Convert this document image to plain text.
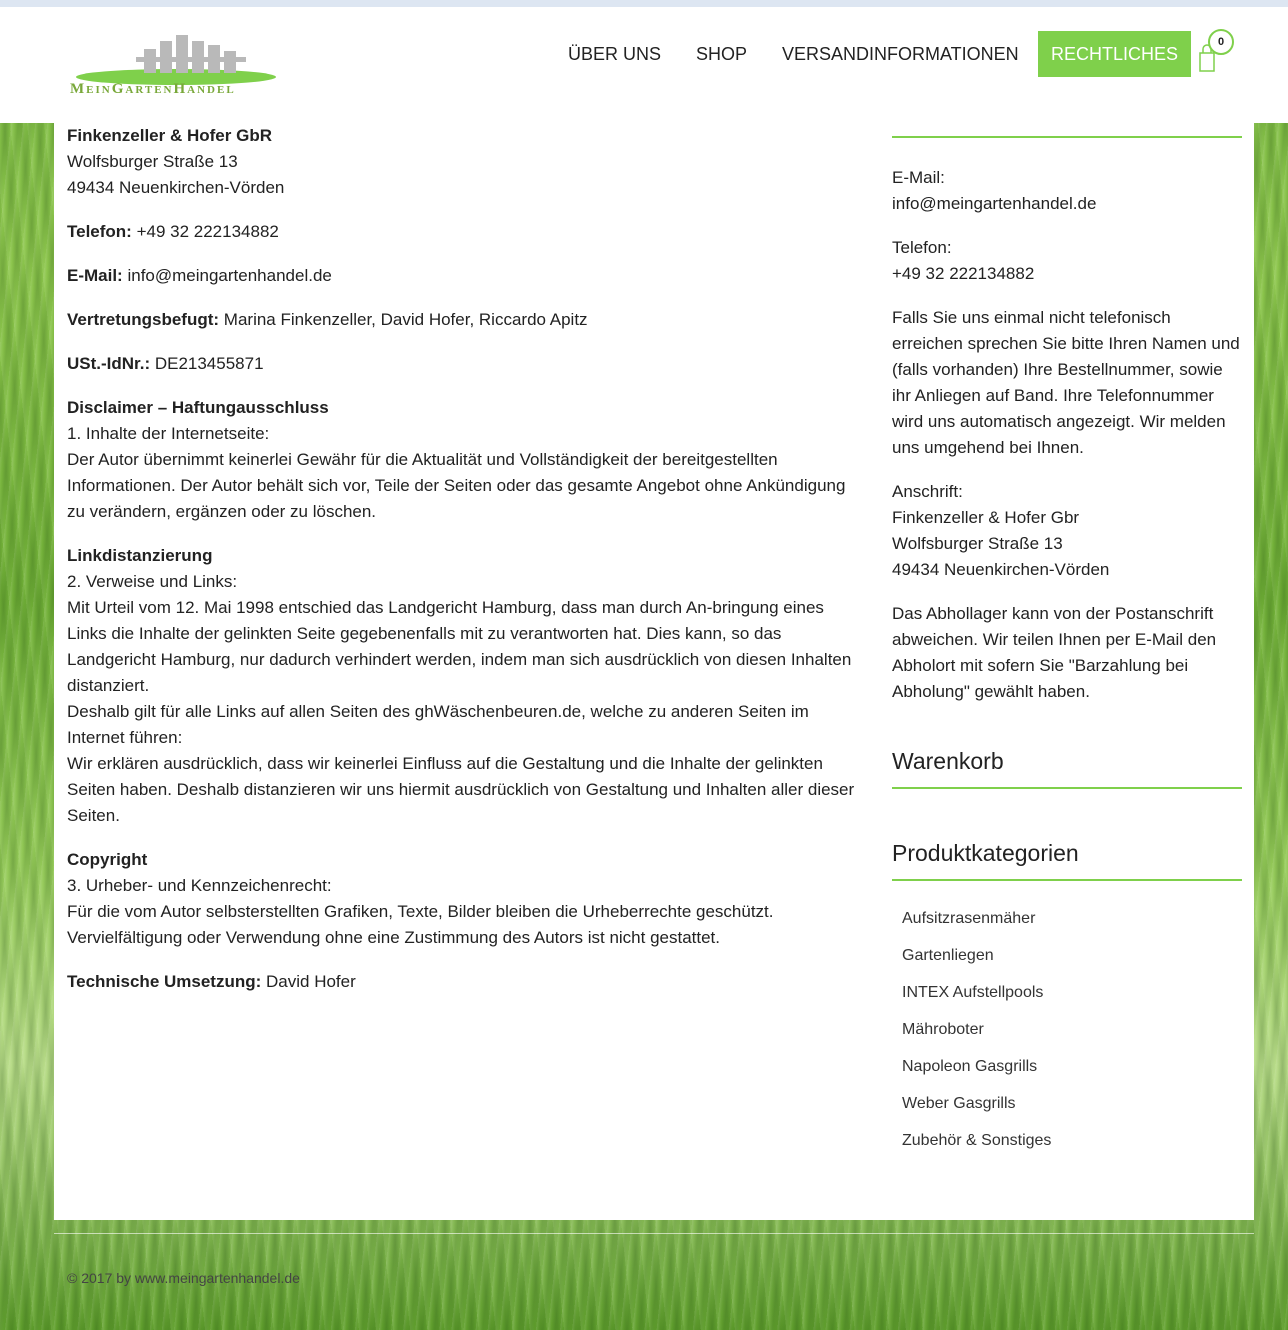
MeinGartenHandel
ÜBER UNS SHOP VERSANDINFORMATIONEN	RECHTLICHES
0

Finkenzeller & Hofer GbR
Wolfsburger Straße 13
49434 Neuenkirchen-Vörden

Telefon: +49 32 222134882

E-Mail: info@meingartenhandel.de

Vertretungsbefugt: Marina Finkenzeller, David Hofer, Riccardo Apitz

USt.-IdNr.: DE213455871

Disclaimer – Haftungausschluss
1. Inhalte der Internetseite:
Der Autor übernimmt keinerlei Gewähr für die Aktualität und Vollständigkeit der bereitgestellten Informationen. Der Autor behält sich vor, Teile der Seiten oder das gesamte Angebot ohne Ankündigung zu verändern, ergänzen oder zu löschen.

Linkdistanzierung
2. Verweise und Links:
Mit Urteil vom 12. Mai 1998 entschied das Landgericht Hamburg, dass man durch An-bringung eines Links die Inhalte der gelinkten Seite gegebenenfalls mit zu verantworten hat. Dies kann, so das Landgericht Hamburg, nur dadurch verhindert werden, indem man sich ausdrücklich von diesen Inhalten distanziert.
Deshalb gilt für alle Links auf allen Seiten des ghWäschenbeuren.de, welche zu anderen Seiten im Internet führen:
Wir erklären ausdrücklich, dass wir keinerlei Einfluss auf die Gestaltung und die Inhalte der gelinkten Seiten haben. Deshalb distanzieren wir uns hiermit ausdrücklich von Gestaltung und Inhalten aller dieser Seiten.

Copyright
3. Urheber- und Kennzeichenrecht:
Für die vom Autor selbsterstellten Grafiken, Texte, Bilder bleiben die Urheberrechte geschützt. Vervielfältigung oder Verwendung ohne eine Zustimmung des Autors ist nicht gestattet.

Technische Umsetzung: David Hofer

E-Mail:
info@meingartenhandel.de

Telefon:
+49 32 222134882

Falls Sie uns einmal nicht telefonisch erreichen sprechen Sie bitte Ihren Namen und (falls vorhanden) Ihre Bestellnummer, sowie ihr Anliegen auf Band. Ihre Telefonnummer wird uns automatisch angezeigt. Wir melden uns umgehend bei Ihnen.

Anschrift:
Finkenzeller & Hofer Gbr
Wolfsburger Straße 13
49434 Neuenkirchen-Vörden

Das Abhollager kann von der Postanschrift abweichen. Wir teilen Ihnen per E-Mail den Abholort mit sofern Sie "Barzahlung bei Abholung" gewählt haben.

Warenkorb
Produktkategorien
Aufsitzrasenmäher
Gartenliegen
INTEX Aufstellpools
Mähroboter
Napoleon Gasgrills
Weber Gasgrills
Zubehör & Sonstiges
© 2017 by www.meingartenhandel.de
